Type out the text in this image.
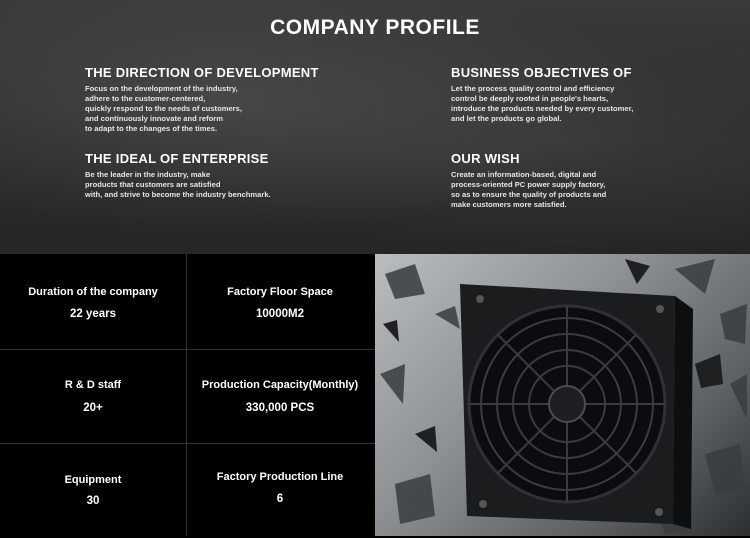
COMPANY PROFILE
THE DIRECTION OF DEVELOPMENT

Focus on the development of the industry,
adhere to the customer-centered,
quickly respond to the needs of customers,
and continuously innovate and reform
to adapt to the changes of the times.

BUSINESS OBJECTIVES OF

Let the process quality control and efficiency
control be deeply rooted in people's hearts,
introduce the products needed by every customer,
and let the products go global.

THE IDEAL OF ENTERPRISE

Be the leader in the industry, make
products that customers are satisfied
with, and strive to become the industry benchmark.

OUR WISH

Create an information-based, digital and
process-oriented PC power supply factory,
so as to ensure the quality of products and
make customers more satisfied.

Duration of the company
22 years
Factory Floor Space
10000M2
R & D staff
20+
Production Capacity(Monthly)
330,000 PCS
Equipment
30
Factory Production Line
6
